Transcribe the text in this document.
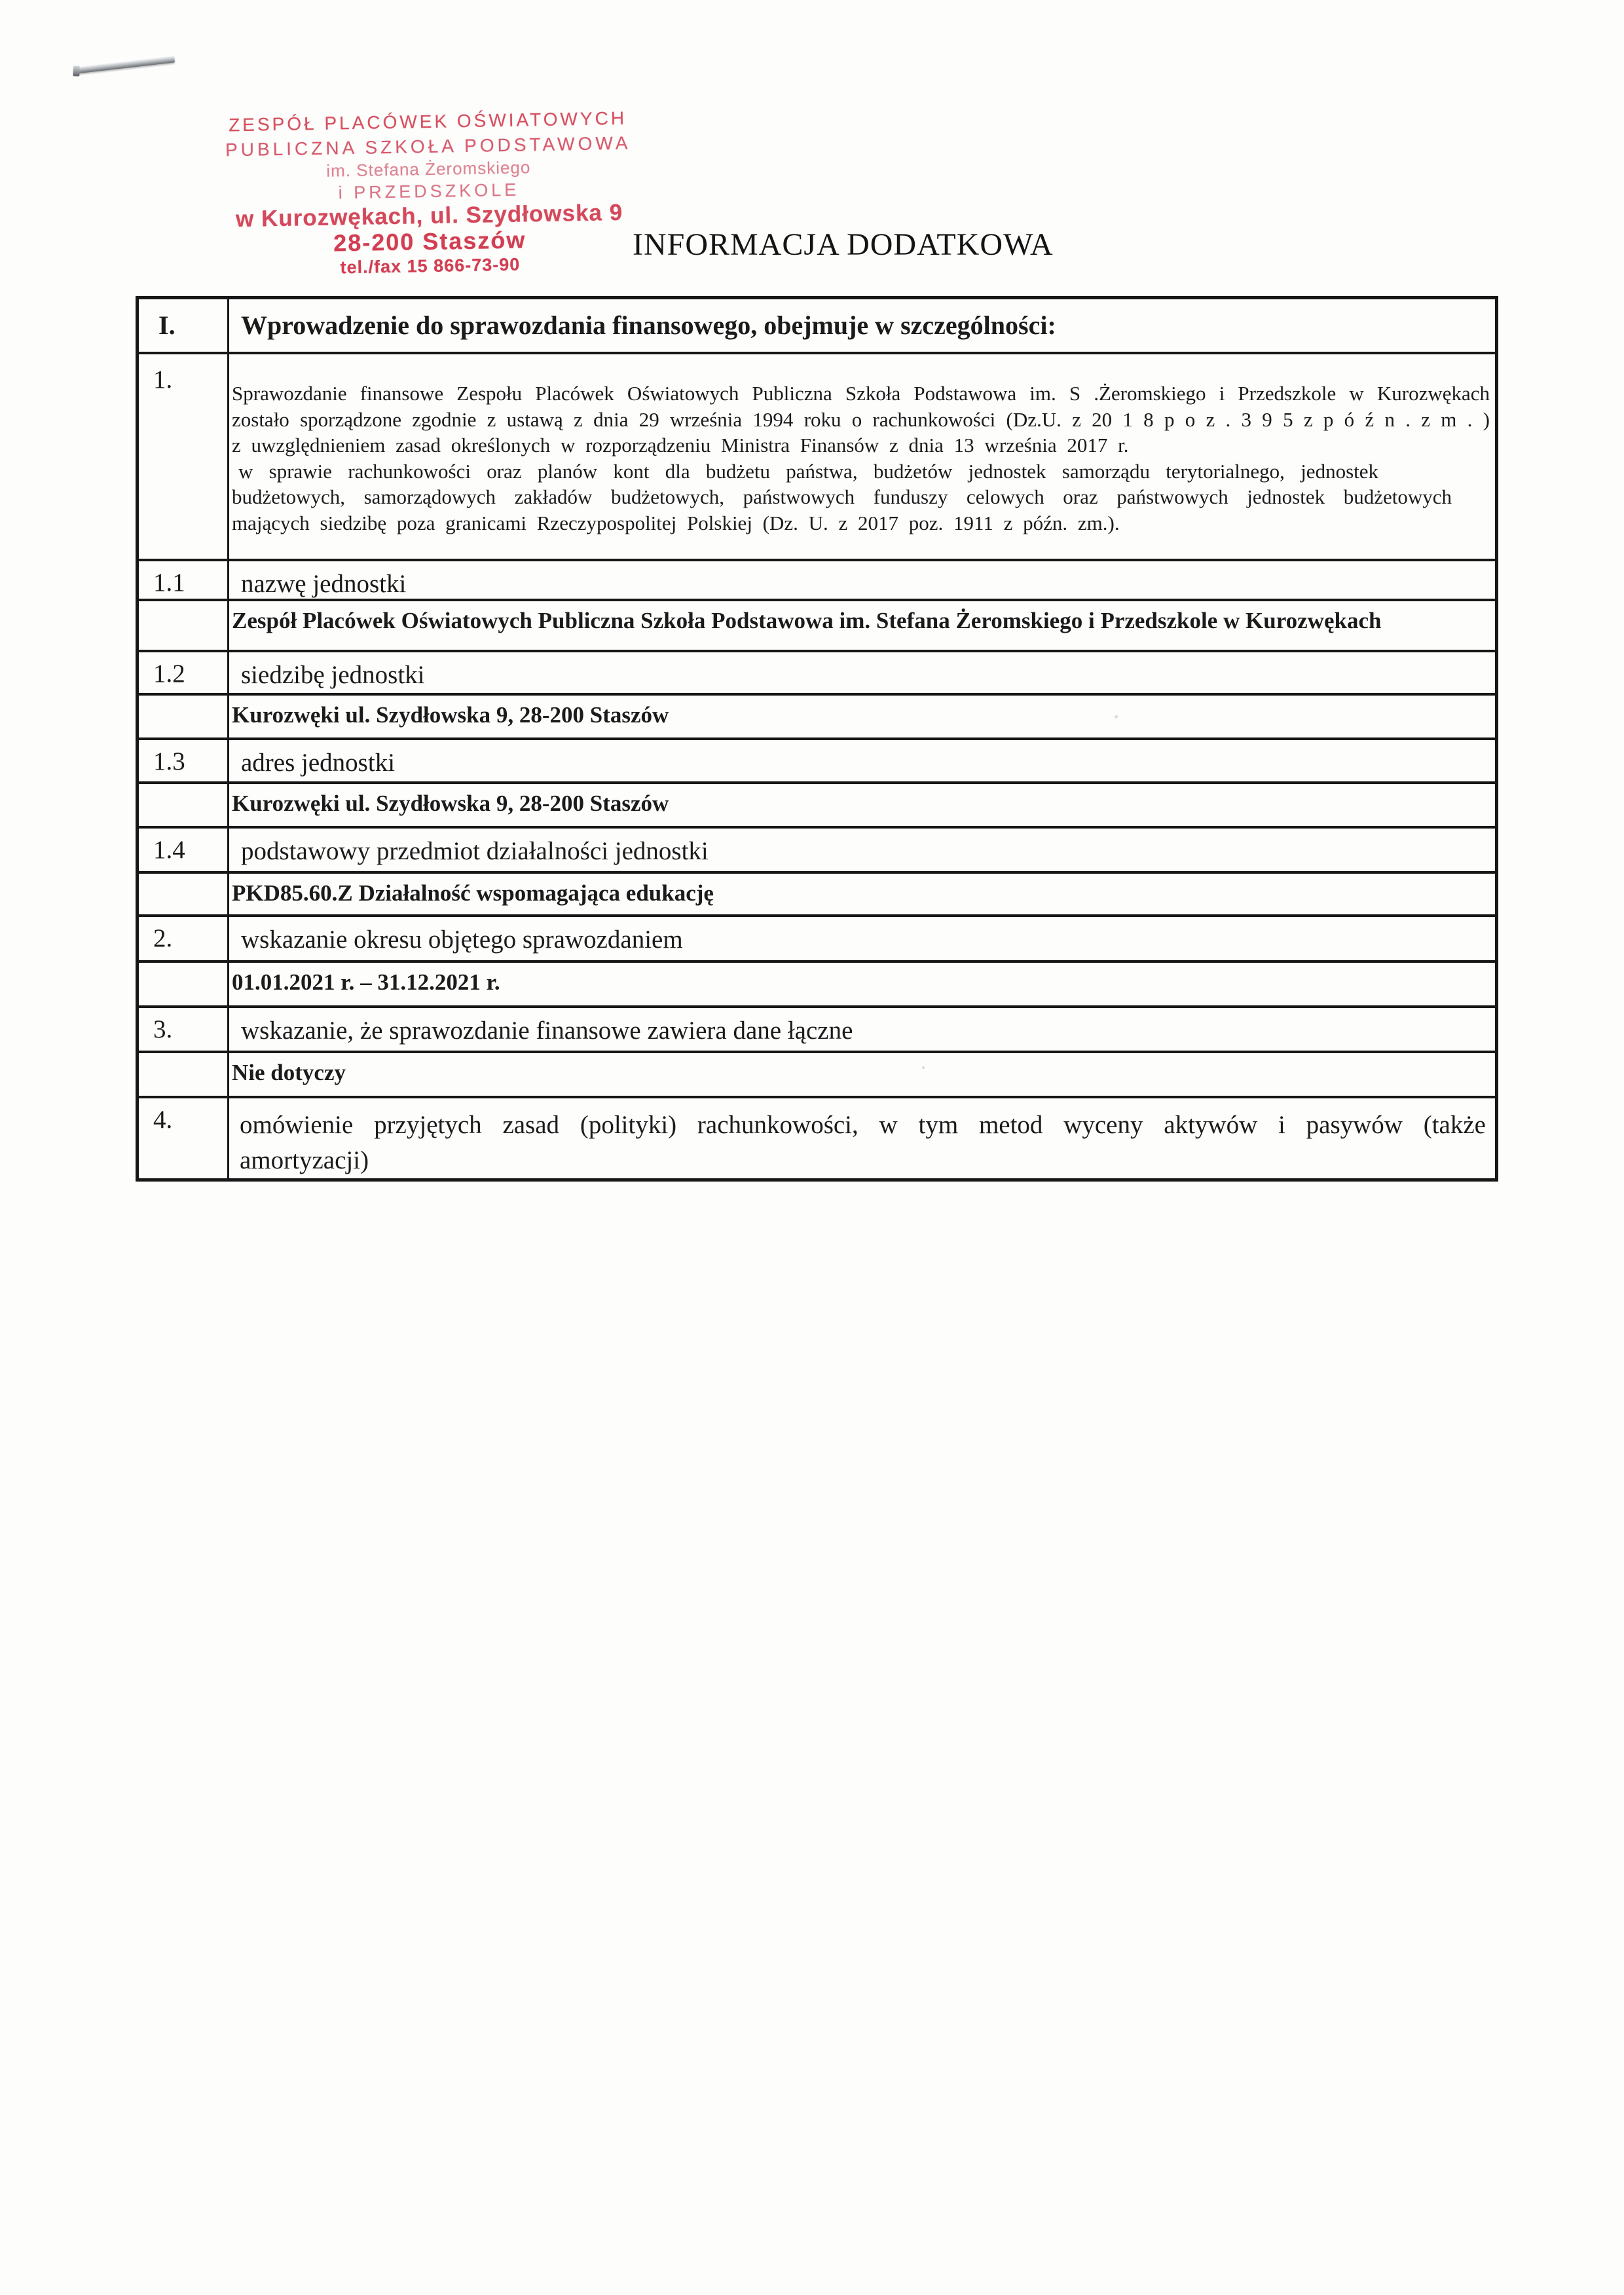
ZESPÓŁ PLACÓWEK OŚWIATOWYCH
PUBLICZNA SZKOŁA PODSTAWOWA
im. Stefana Żeromskiego
i PRZEDSZKOLE
w Kurozwękach, ul. Szydłowska 9
28-200 Staszów
tel./fax 15 866-73-90
INFORMACJA DODATKOWA
I.	Wprowadzenie do sprawozdania finansowego, obejmuje w szczególności:
1.	Sprawozdanie finansowe Zespołu Placówek Oświatowych Publiczna Szkoła Podstawowa im. S .Żeromskiego i Przedszkole w Kurozwękach
zostało sporządzone zgodnie z ustawą z dnia 29 września 1994 roku o rachunkowości (Dz.U. z 20 1 8 p o z . 3 9 5 z p ó ź n . z m . )
z uwzględnieniem zasad określonych w rozporządzeniu Ministra Finansów z dnia 13 września 2017 r.
w sprawie rachunkowości oraz planów kont dla budżetu państwa, budżetów jednostek samorządu terytorialnego, jednostek
budżetowych, samorządowych zakładów budżetowych, państwowych funduszy celowych oraz państwowych jednostek budżetowych
mających siedzibę poza granicami Rzeczypospolitej Polskiej (Dz. U. z 2017 poz. 1911 z późn. zm.).
1.1	nazwę jednostki
Zespół Placówek Oświatowych Publiczna Szkoła Podstawowa im. Stefana Żeromskiego i Przedszkole w Kurozwękach
1.2	siedzibę jednostki
Kurozwęki ul. Szydłowska 9, 28-200 Staszów
1.3	adres jednostki
Kurozwęki ul. Szydłowska 9, 28-200 Staszów
1.4	podstawowy przedmiot działalności jednostki
PKD85.60.Z Działalność wspomagająca edukację
2.	wskazanie okresu objętego sprawozdaniem
01.01.2021 r. – 31.12.2021 r.
3.	wskazanie, że sprawozdanie finansowe zawiera dane łączne
Nie dotyczy
4.	omówienie przyjętych zasad (polityki) rachunkowości, w tym metod wyceny aktywów i pasywów (także
amortyzacji)
